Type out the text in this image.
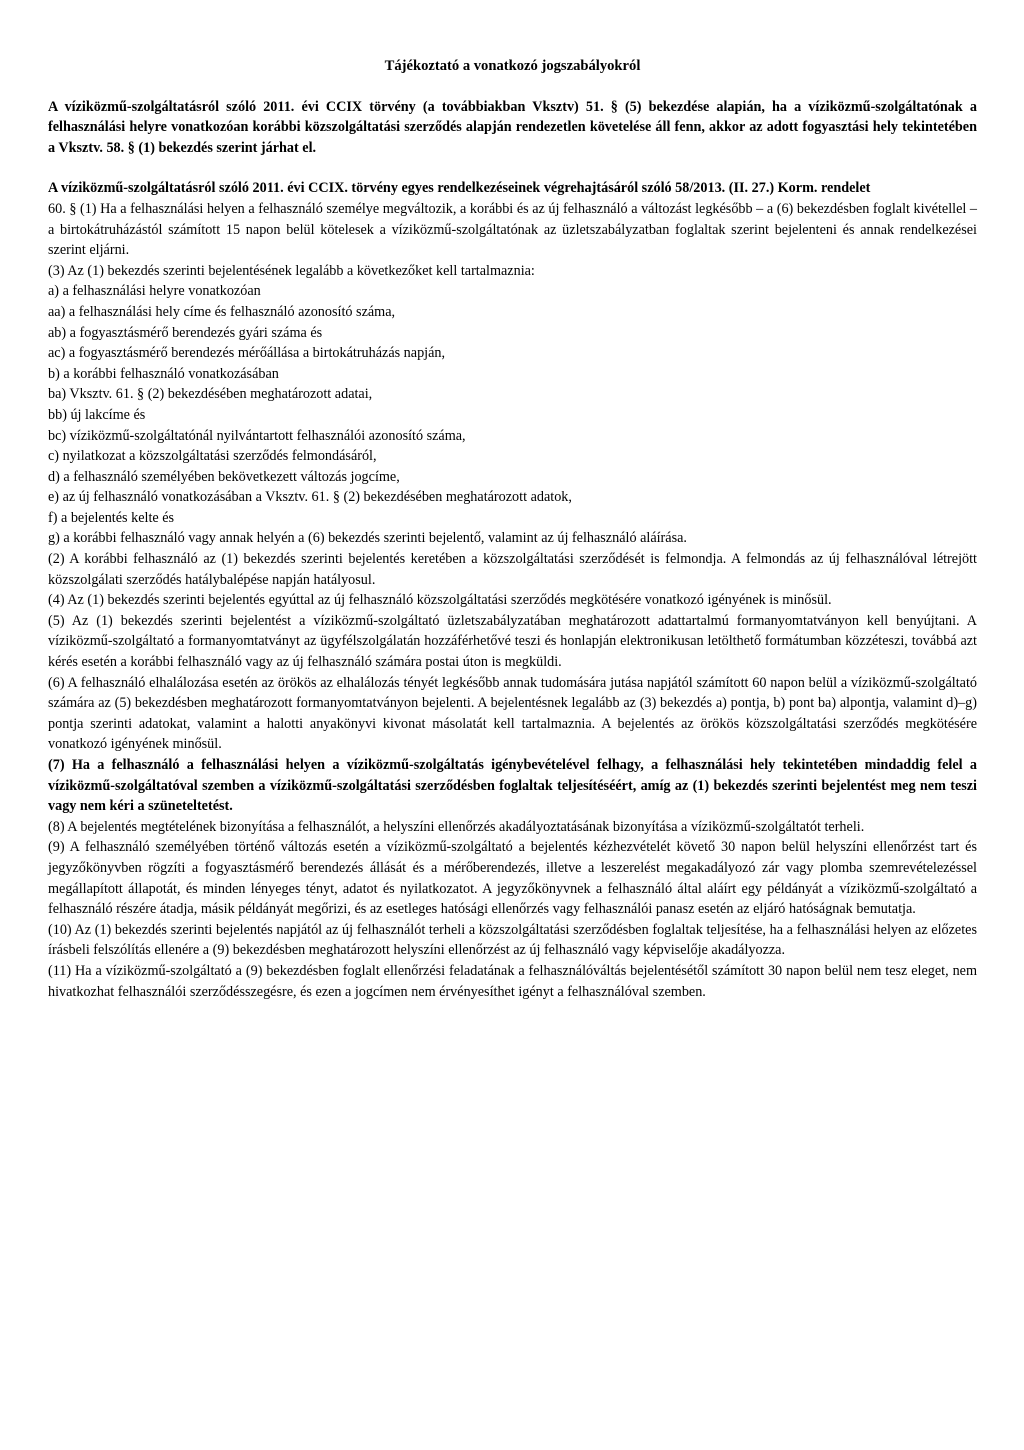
Tájékoztató a vonatkozó jogszabályokról

A víziközmű-szolgáltatásról szóló 2011. évi CCIX törvény (a továbbiakban Vksztv) 51. § (5) bekezdése alapián, ha a víziközmű-szolgáltatónak a felhasználási helyre vonatkozóan korábbi közszolgáltatási szerződés alapján rendezetlen követelése áll fenn, akkor az adott fogyasztási hely tekintetében a Vksztv. 58. § (1) bekezdés szerint járhat el.

A víziközmű-szolgáltatásról szóló 2011. évi CCIX. törvény egyes rendelkezéseinek végrehajtásáról szóló 58/2013. (II. 27.) Korm. rendelet

60. § (1) Ha a felhasználási helyen a felhasználó személye megváltozik, a korábbi és az új felhasználó a változást legkésőbb – a (6) bekezdésben foglalt kivétellel – a birtokátruházástól számított 15 napon belül kötelesek a víziközmű-szolgáltatónak az üzletszabályzatban foglaltak szerint bejelenteni és annak rendelkezései szerint eljárni.

(3) Az (1) bekezdés szerinti bejelentésének legalább a következőket kell tartalmaznia:

a) a felhasználási helyre vonatkozóan

aa) a felhasználási hely címe és felhasználó azonosító száma,

ab) a fogyasztásmérő berendezés gyári száma és

ac) a fogyasztásmérő berendezés mérőállása a birtokátruházás napján,

b) a korábbi felhasználó vonatkozásában

ba) Vksztv. 61. § (2) bekezdésében meghatározott adatai,

bb) új lakcíme és

bc) víziközmű-szolgáltatónál nyilvántartott felhasználói azonosító száma,

c) nyilatkozat a közszolgáltatási szerződés felmondásáról,

d) a felhasználó személyében bekövetkezett változás jogcíme,

e) az új felhasználó vonatkozásában a Vksztv. 61. § (2) bekezdésében meghatározott adatok,

f) a bejelentés kelte és

g) a korábbi felhasználó vagy annak helyén a (6) bekezdés szerinti bejelentő, valamint az új felhasználó aláírása.

(2) A korábbi felhasználó az (1) bekezdés szerinti bejelentés keretében a közszolgáltatási szerződését is felmondja. A felmondás az új felhasználóval létrejött közszolgálati szerződés hatálybalépése napján hatályosul.

(4) Az (1) bekezdés szerinti bejelentés egyúttal az új felhasználó közszolgáltatási szerződés megkötésére vonatkozó igényének is minősül.

(5) Az (1) bekezdés szerinti bejelentést a víziközmű-szolgáltató üzletszabályzatában meghatározott adattartalmú formanyomtatványon kell benyújtani. A víziközmű-szolgáltató a formanyomtatványt az ügyfélszolgálatán hozzáférhetővé teszi és honlapján elektronikusan letölthető formátumban közzéteszi, továbbá azt kérés esetén a korábbi felhasználó vagy az új felhasználó számára postai úton is megküldi.

(6) A felhasználó elhalálozása esetén az örökös az elhalálozás tényét legkésőbb annak tudomására jutása napjától számított 60 napon belül a víziközmű-szolgáltató számára az (5) bekezdésben meghatározott formanyomtatványon bejelenti. A bejelentésnek legalább az (3) bekezdés a) pontja, b) pont ba) alpontja, valamint d)–g) pontja szerinti adatokat, valamint a halotti anyakönyvi kivonat másolatát kell tartalmaznia. A bejelentés az örökös közszolgáltatási szerződés megkötésére vonatkozó igényének minősül.

(7) Ha a felhasználó a felhasználási helyen a víziközmű-szolgáltatás igénybevételével felhagy, a felhasználási hely tekintetében mindaddig felel a víziközmű-szolgáltatóval szemben a víziközmű-szolgáltatási szerződésben foglaltak teljesítéséért, amíg az (1) bekezdés szerinti bejelentést meg nem teszi vagy nem kéri a szüneteltetést.

(8) A bejelentés megtételének bizonyítása a felhasználót, a helyszíni ellenőrzés akadályoztatásának bizonyítása a víziközmű-szolgáltatót terheli.

(9) A felhasználó személyében történő változás esetén a víziközmű-szolgáltató a bejelentés kézhezvételét követő 30 napon belül helyszíni ellenőrzést tart és jegyzőkönyvben rögzíti a fogyasztásmérő berendezés állását és a mérőberendezés, illetve a leszerelést megakadályozó zár vagy plomba szemrevételezéssel megállapított állapotát, és minden lényeges tényt, adatot és nyilatkozatot. A jegyzőkönyvnek a felhasználó által aláírt egy példányát a víziközmű-szolgáltató a felhasználó részére átadja, másik példányát megőrizi, és az esetleges hatósági ellenőrzés vagy felhasználói panasz esetén az eljáró hatóságnak bemutatja.

(10) Az (1) bekezdés szerinti bejelentés napjától az új felhasználót terheli a közszolgáltatási szerződésben foglaltak teljesítése, ha a felhasználási helyen az előzetes írásbeli felszólítás ellenére a (9) bekezdésben meghatározott helyszíni ellenőrzést az új felhasználó vagy képviselője akadályozza.

(11) Ha a víziközmű-szolgáltató a (9) bekezdésben foglalt ellenőrzési feladatának a felhasználóváltás bejelentésétől számított 30 napon belül nem tesz eleget, nem hivatkozhat felhasználói szerződésszegésre, és ezen a jogcímen nem érvényesíthet igényt a felhasználóval szemben.
